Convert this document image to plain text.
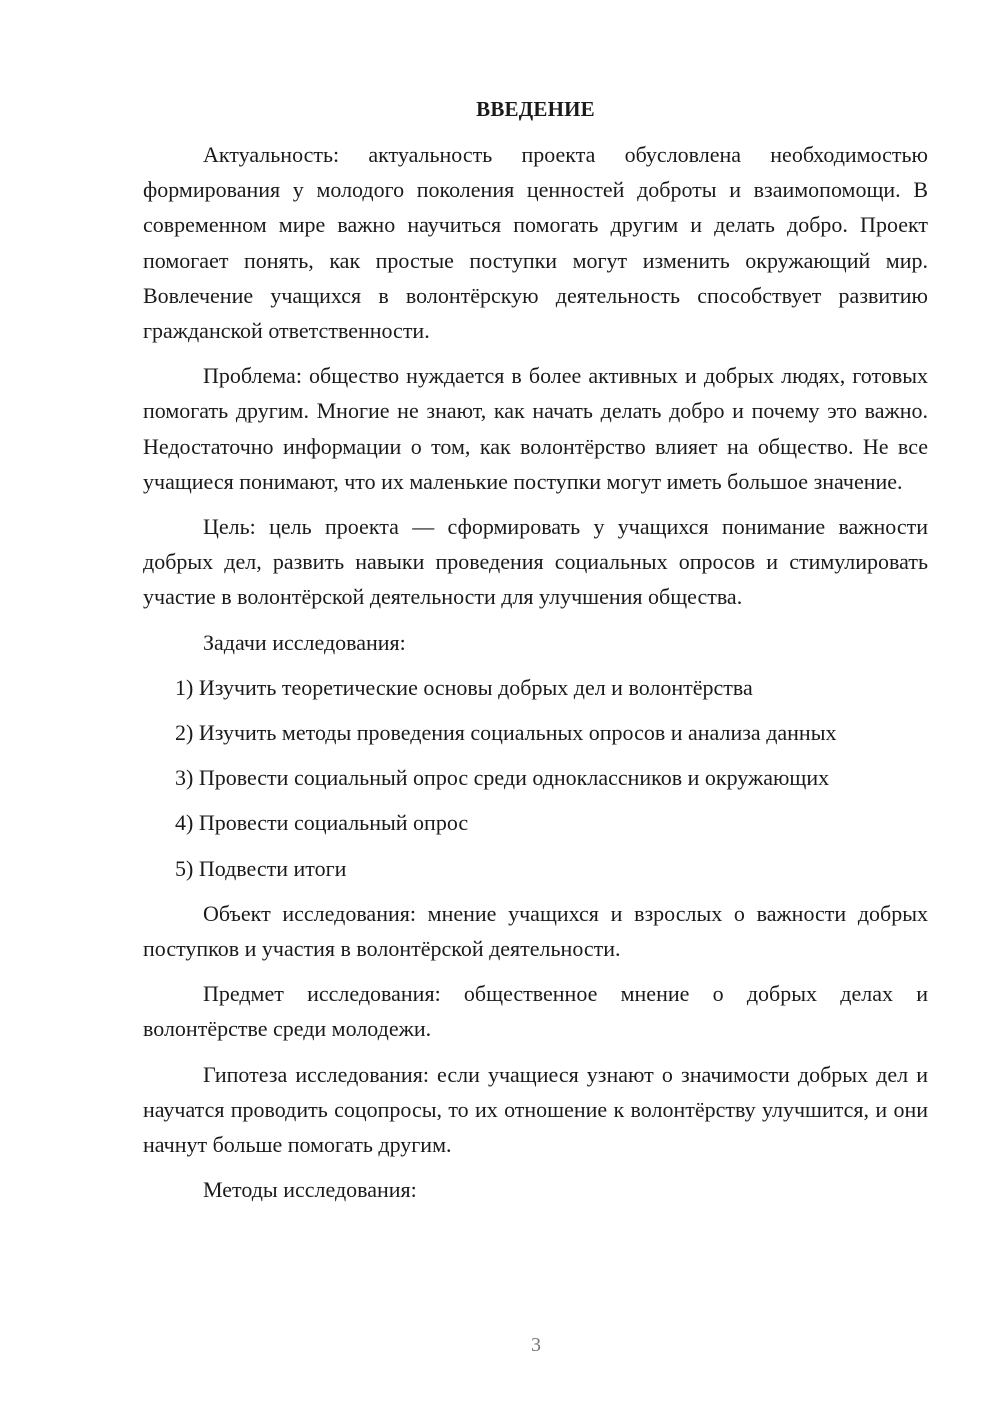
ВВЕДЕНИЕ

Актуальность: актуальность проекта обусловлена необходимостью формирования у молодого поколения ценностей доброты и взаимопомощи. В современном мире важно научиться помогать другим и делать добро. Проект помогает понять, как простые поступки могут изменить окружающий мир. Вовлечение учащихся в волонтёрскую деятельность способствует развитию гражданской ответственности.

Проблема: общество нуждается в более активных и добрых людях, готовых помогать другим. Многие не знают, как начать делать добро и почему это важно. Недостаточно информации о том, как волонтёрство влияет на общество. Не все учащиеся понимают, что их маленькие поступки могут иметь большое значение.

Цель: цель проекта — сформировать у учащихся понимание важности добрых дел, развить навыки проведения социальных опросов и стимулировать участие в волонтёрской деятельности для улучшения общества.

Задачи исследования:

1) Изучить теоретические основы добрых дел и волонтёрства
2) Изучить методы проведения социальных опросов и анализа данных
3) Провести социальный опрос среди одноклассников и окружающих
4) Провести социальный опрос
5) Подвести итоги

Объект исследования: мнение учащихся и взрослых о важности добрых поступков и участия в волонтёрской деятельности.

Предмет исследования: общественное мнение о добрых делах и волонтёрстве среди молодежи.

Гипотеза исследования: если учащиеся узнают о значимости добрых дел и научатся проводить соцопросы, то их отношение к волонтёрству улучшится, и они начнут больше помогать другим.

Методы исследования:

3
